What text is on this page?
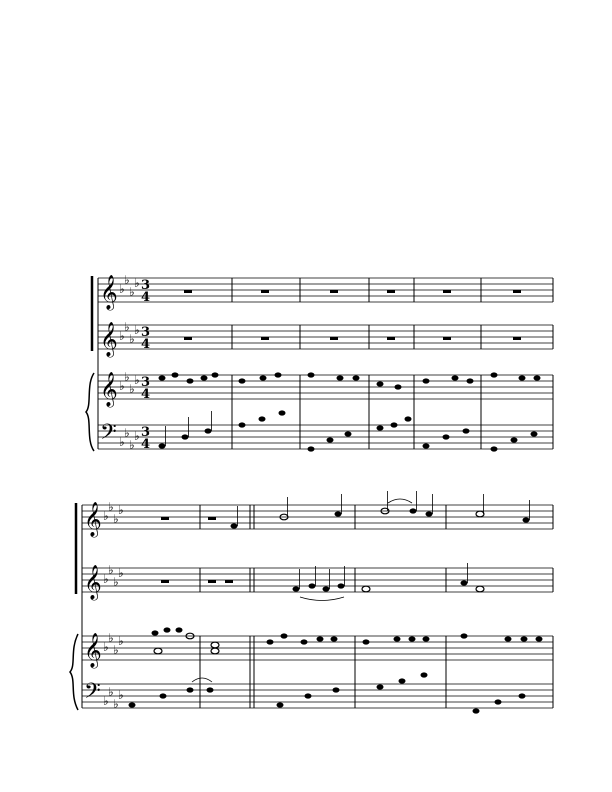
𝄞
𝄞
𝄞
𝄢
𝄞
𝄞
𝄞
𝄢
♭
♭
♭
♭
♭
♭
♭
♭
♭
♭
♭
♭
♭
♭
♭
♭
♭
♭
♭
♭
♭
♭
♭
♭
♭
♭
♭
♭
♭
♭
♭
♭
3
4
3
4
3
4
3
4
